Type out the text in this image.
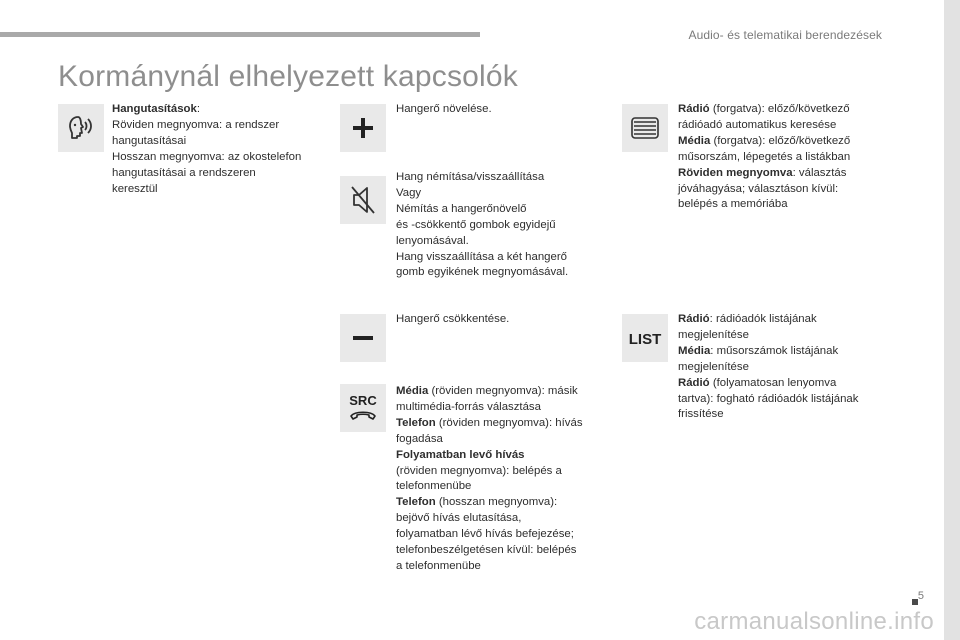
Audio- és telematikai berendezések
Kormánynál elhelyezett kapcsolók
Hangutasítások:
Röviden megnyomva: a rendszer
hangutasításai
Hosszan megnyomva: az okostelefon
hangutasításai a rendszeren
keresztül
Hangerő növelése.
Hang némítása/visszaállítása
Vagy
Némítás a hangerőnövelő
és -csökkentő gombok egyidejű
lenyomásával.
Hang visszaállítása a két hangerő
gomb egyikének megnyomásával.
Hangerő csökkentése.
SRC
Média (röviden megnyomva): másik
multimédia-forrás választása
Telefon (röviden megnyomva): hívás
fogadása
Folyamatban levő hívás
(röviden megnyomva): belépés a
telefonmenübe
Telefon (hosszan megnyomva):
bejövő hívás elutasítása,
folyamatban lévő hívás befejezése;
telefonbeszélgetésen kívül: belépés
a telefonmenübe
Rádió (forgatva): előző/következő
rádióadó automatikus keresése
Média (forgatva): előző/következő
műsorszám, lépegetés a listákban
Röviden megnyomva: választás
jóváhagyása; választáson kívül:
belépés a memóriába
LIST
Rádió: rádióadók listájának
megjelenítése
Média: műsorszámok listájának
megjelenítése
Rádió (folyamatosan lenyomva
tartva): fogható rádióadók listájának
frissítése
5
carmanualsonline.info
